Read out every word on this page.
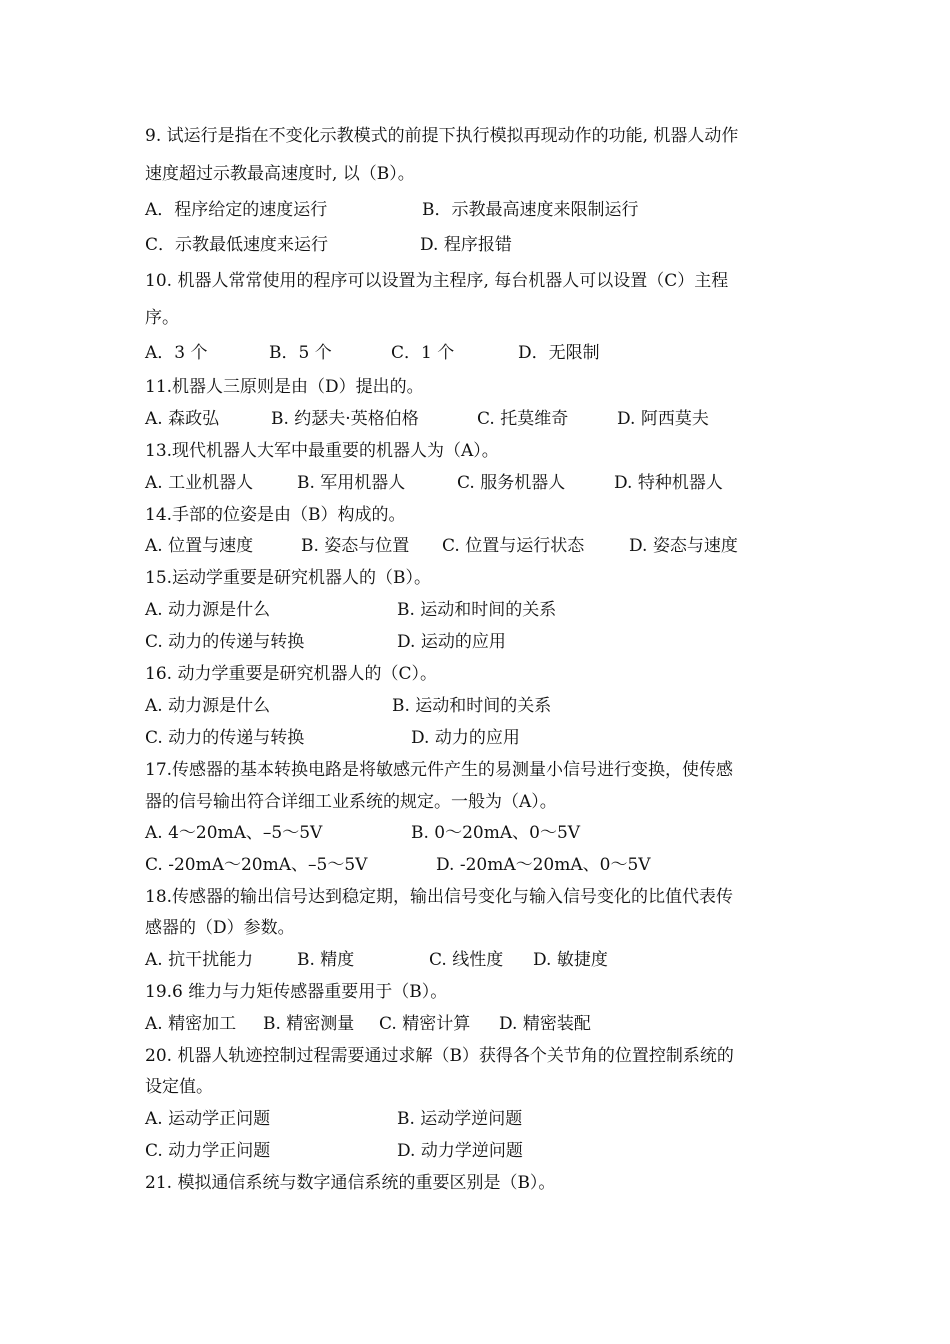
9. 试运行是指在不变化示教模式的前提下执行模拟再现动作的功能, 机器人动作
速度超过示教最高速度时, 以（B）。
A．程序给定的速度运行	B．示教最高速度来限制运行
C．示教最低速度来运行	D. 程序报错
10. 机器人常常使用的程序可以设置为主程序, 每台机器人可以设置（C）主程
序。
A．3 个	B．5 个	C．1 个	D．无限制
11.机器人三原则是由（D）提出的。
A. 森政弘	B. 约瑟夫·英格伯格	C. 托莫维奇	D. 阿西莫夫
13.现代机器人大军中最重要的机器人为（A）。
A. 工业机器人	B. 军用机器人	C. 服务机器人	D. 特种机器人
14.手部的位姿是由（B）构成的。
A. 位置与速度	B. 姿态与位置 C. 位置与运行状态	D. 姿态与速度
15.运动学重要是研究机器人的（B）。
A. 动力源是什么	B. 运动和时间的关系
C. 动力的传递与转换	D. 运动的应用
16. 动力学重要是研究机器人的（C）。
A. 动力源是什么	B. 运动和时间的关系
C. 动力的传递与转换	D. 动力的应用
17.传感器的基本转换电路是将敏感元件产生的易测量小信号进行变换，使传感
器的信号输出符合详细工业系统的规定。一般为（A）。
A. 4～20mA、–5～5V	B. 0～20mA、0～5V
C. -20mA～20mA、–5～5V	D. -20mA～20mA、0～5V
18.传感器的输出信号达到稳定期，输出信号变化与输入信号变化的比值代表传
感器的（D）参数。
A. 抗干扰能力	B. 精度	C. 线性度 D. 敏捷度
19.6 维力与力矩传感器重要用于（B）。
A. 精密加工 B. 精密测量 C. 精密计算 D. 精密装配
20. 机器人轨迹控制过程需要通过求解（B）获得各个关节角的位置控制系统的
设定值。
A. 运动学正问题	B. 运动学逆问题
C. 动力学正问题	D. 动力学逆问题
21. 模拟通信系统与数字通信系统的重要区别是（B）。
